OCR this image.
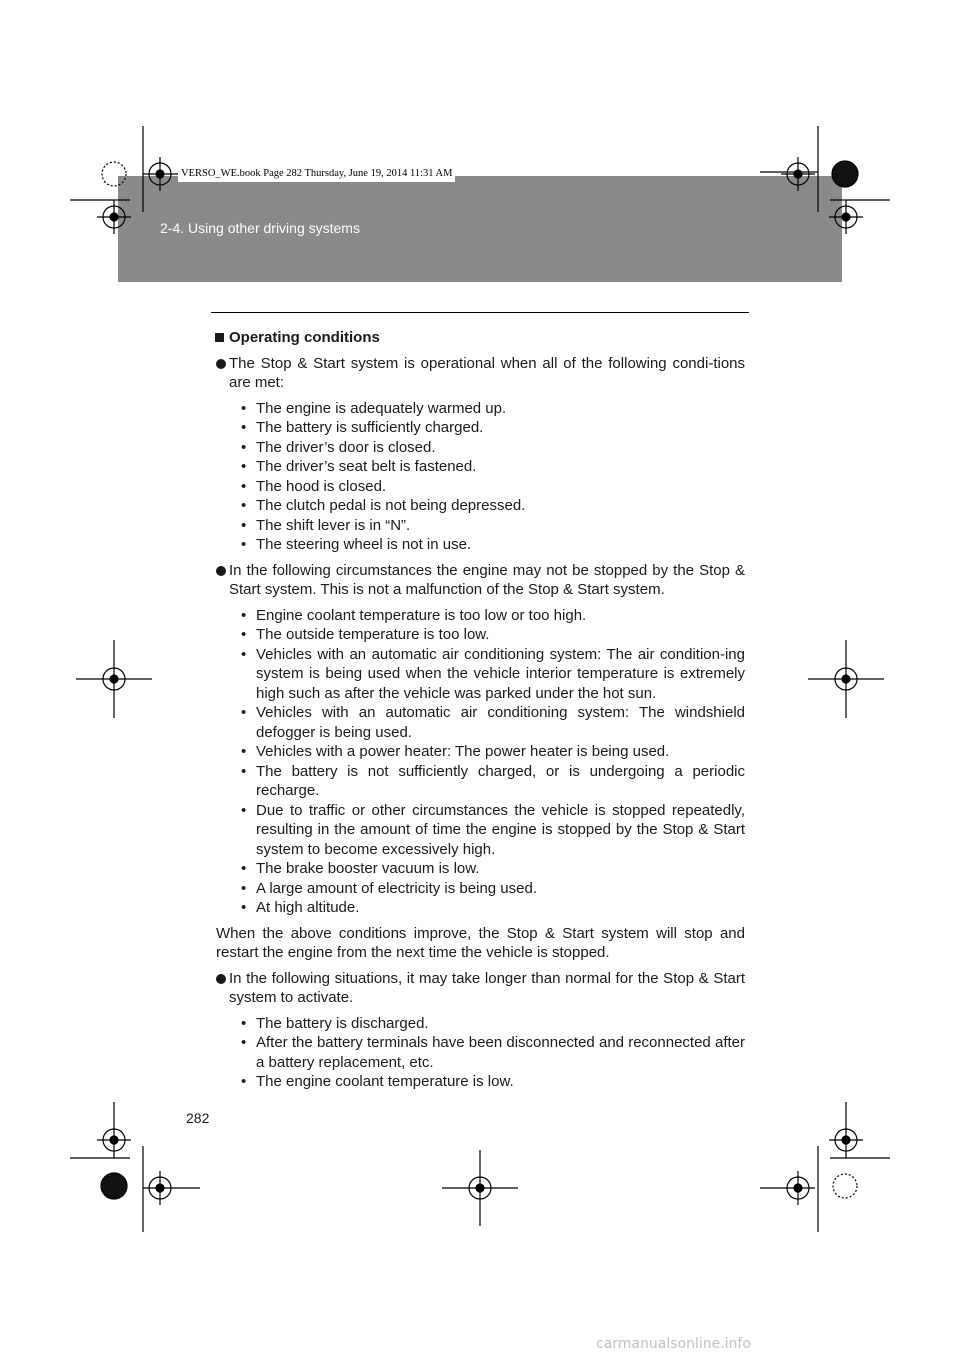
2-4. Using other driving systems
VERSO_WE.book Page 282 Thursday, June 19, 2014 11:31 AM
Operating conditions
The Stop & Start system is operational when all of the following condi-tions are met:
• The engine is adequately warmed up.
• The battery is sufficiently charged.
• The driver’s door is closed.
• The driver’s seat belt is fastened.
• The hood is closed.
• The clutch pedal is not being depressed.
• The shift lever is in “N”.
• The steering wheel is not in use.
In the following circumstances the engine may not be stopped by the Stop & Start system. This is not a malfunction of the Stop & Start system.
• Engine coolant temperature is too low or too high.
• The outside temperature is too low.
• Vehicles with an automatic air conditioning system: The air condition-ing system is being used when the vehicle interior temperature is extremely high such as after the vehicle was parked under the hot sun.
• Vehicles with an automatic air conditioning system: The windshield defogger is being used.
• Vehicles with a power heater: The power heater is being used.
• The battery is not sufficiently charged, or is undergoing a periodic recharge.
• Due to traffic or other circumstances the vehicle is stopped repeatedly, resulting in the amount of time the engine is stopped by the Stop & Start system to become excessively high.
• The brake booster vacuum is low.
• A large amount of electricity is being used.
• At high altitude.

When the above conditions improve, the Stop & Start system will stop and restart the engine from the next time the vehicle is stopped.

In the following situations, it may take longer than normal for the Stop & Start system to activate.
• The battery is discharged.
• After the battery terminals have been disconnected and reconnected after a battery replacement, etc.
• The engine coolant temperature is low.
282
carmanualsonline.info
